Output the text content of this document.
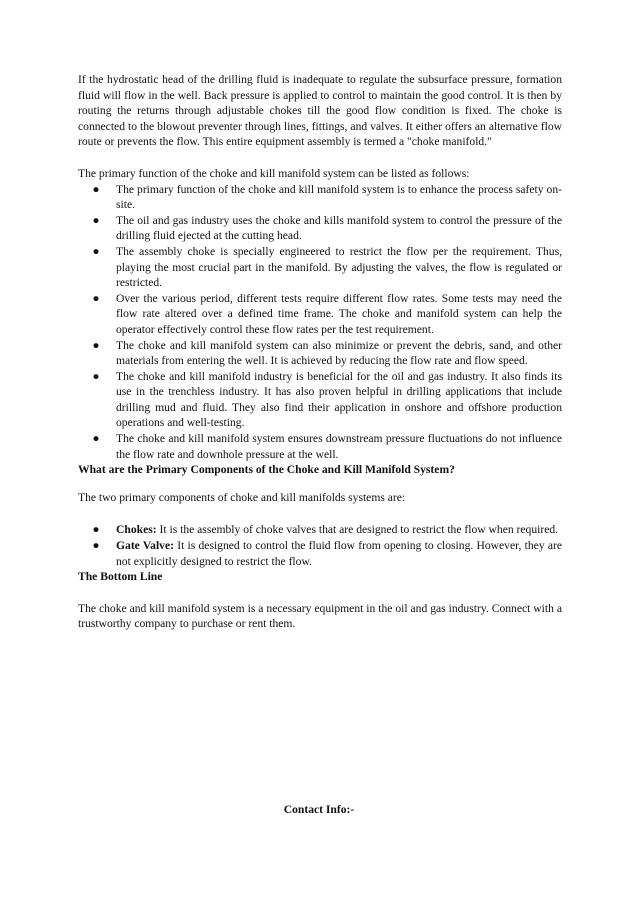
If the hydrostatic head of the drilling fluid is inadequate to regulate the subsurface pressure, formation fluid will flow in the well. Back pressure is applied to control to maintain the good control. It is then by routing the returns through adjustable chokes till the good flow condition is fixed. The choke is connected to the blowout preventer through lines, fittings, and valves. It either offers an alternative flow route or prevents the flow. This entire equipment assembly is termed a "choke manifold."

The primary function of the choke and kill manifold system can be listed as follows:

● The primary function of the choke and kill manifold system is to enhance the process safety on-site.
● The oil and gas industry uses the choke and kills manifold system to control the pressure of the drilling fluid ejected at the cutting head.
● The assembly choke is specially engineered to restrict the flow per the requirement. Thus, playing the most crucial part in the manifold. By adjusting the valves, the flow is regulated or restricted.
● Over the various period, different tests require different flow rates. Some tests may need the flow rate altered over a defined time frame. The choke and manifold system can help the operator effectively control these flow rates per the test requirement.
● The choke and kill manifold system can also minimize or prevent the debris, sand, and other materials from entering the well. It is achieved by reducing the flow rate and flow speed.
● The choke and kill manifold industry is beneficial for the oil and gas industry. It also finds its use in the trenchless industry. It has also proven helpful in drilling applications that include drilling mud and fluid. They also find their application in onshore and offshore production operations and well-testing.
● The choke and kill manifold system ensures downstream pressure fluctuations do not influence the flow rate and downhole pressure at the well.

What are the Primary Components of the Choke and Kill Manifold System?

The two primary components of choke and kill manifolds systems are:

● Chokes: It is the assembly of choke valves that are designed to restrict the flow when required.
● Gate Valve: It is designed to control the fluid flow from opening to closing. However, they are not explicitly designed to restrict the flow.

The Bottom Line

The choke and kill manifold system is a necessary equipment in the oil and gas industry. Connect with a trustworthy company to purchase or rent them.

Contact Info:-
